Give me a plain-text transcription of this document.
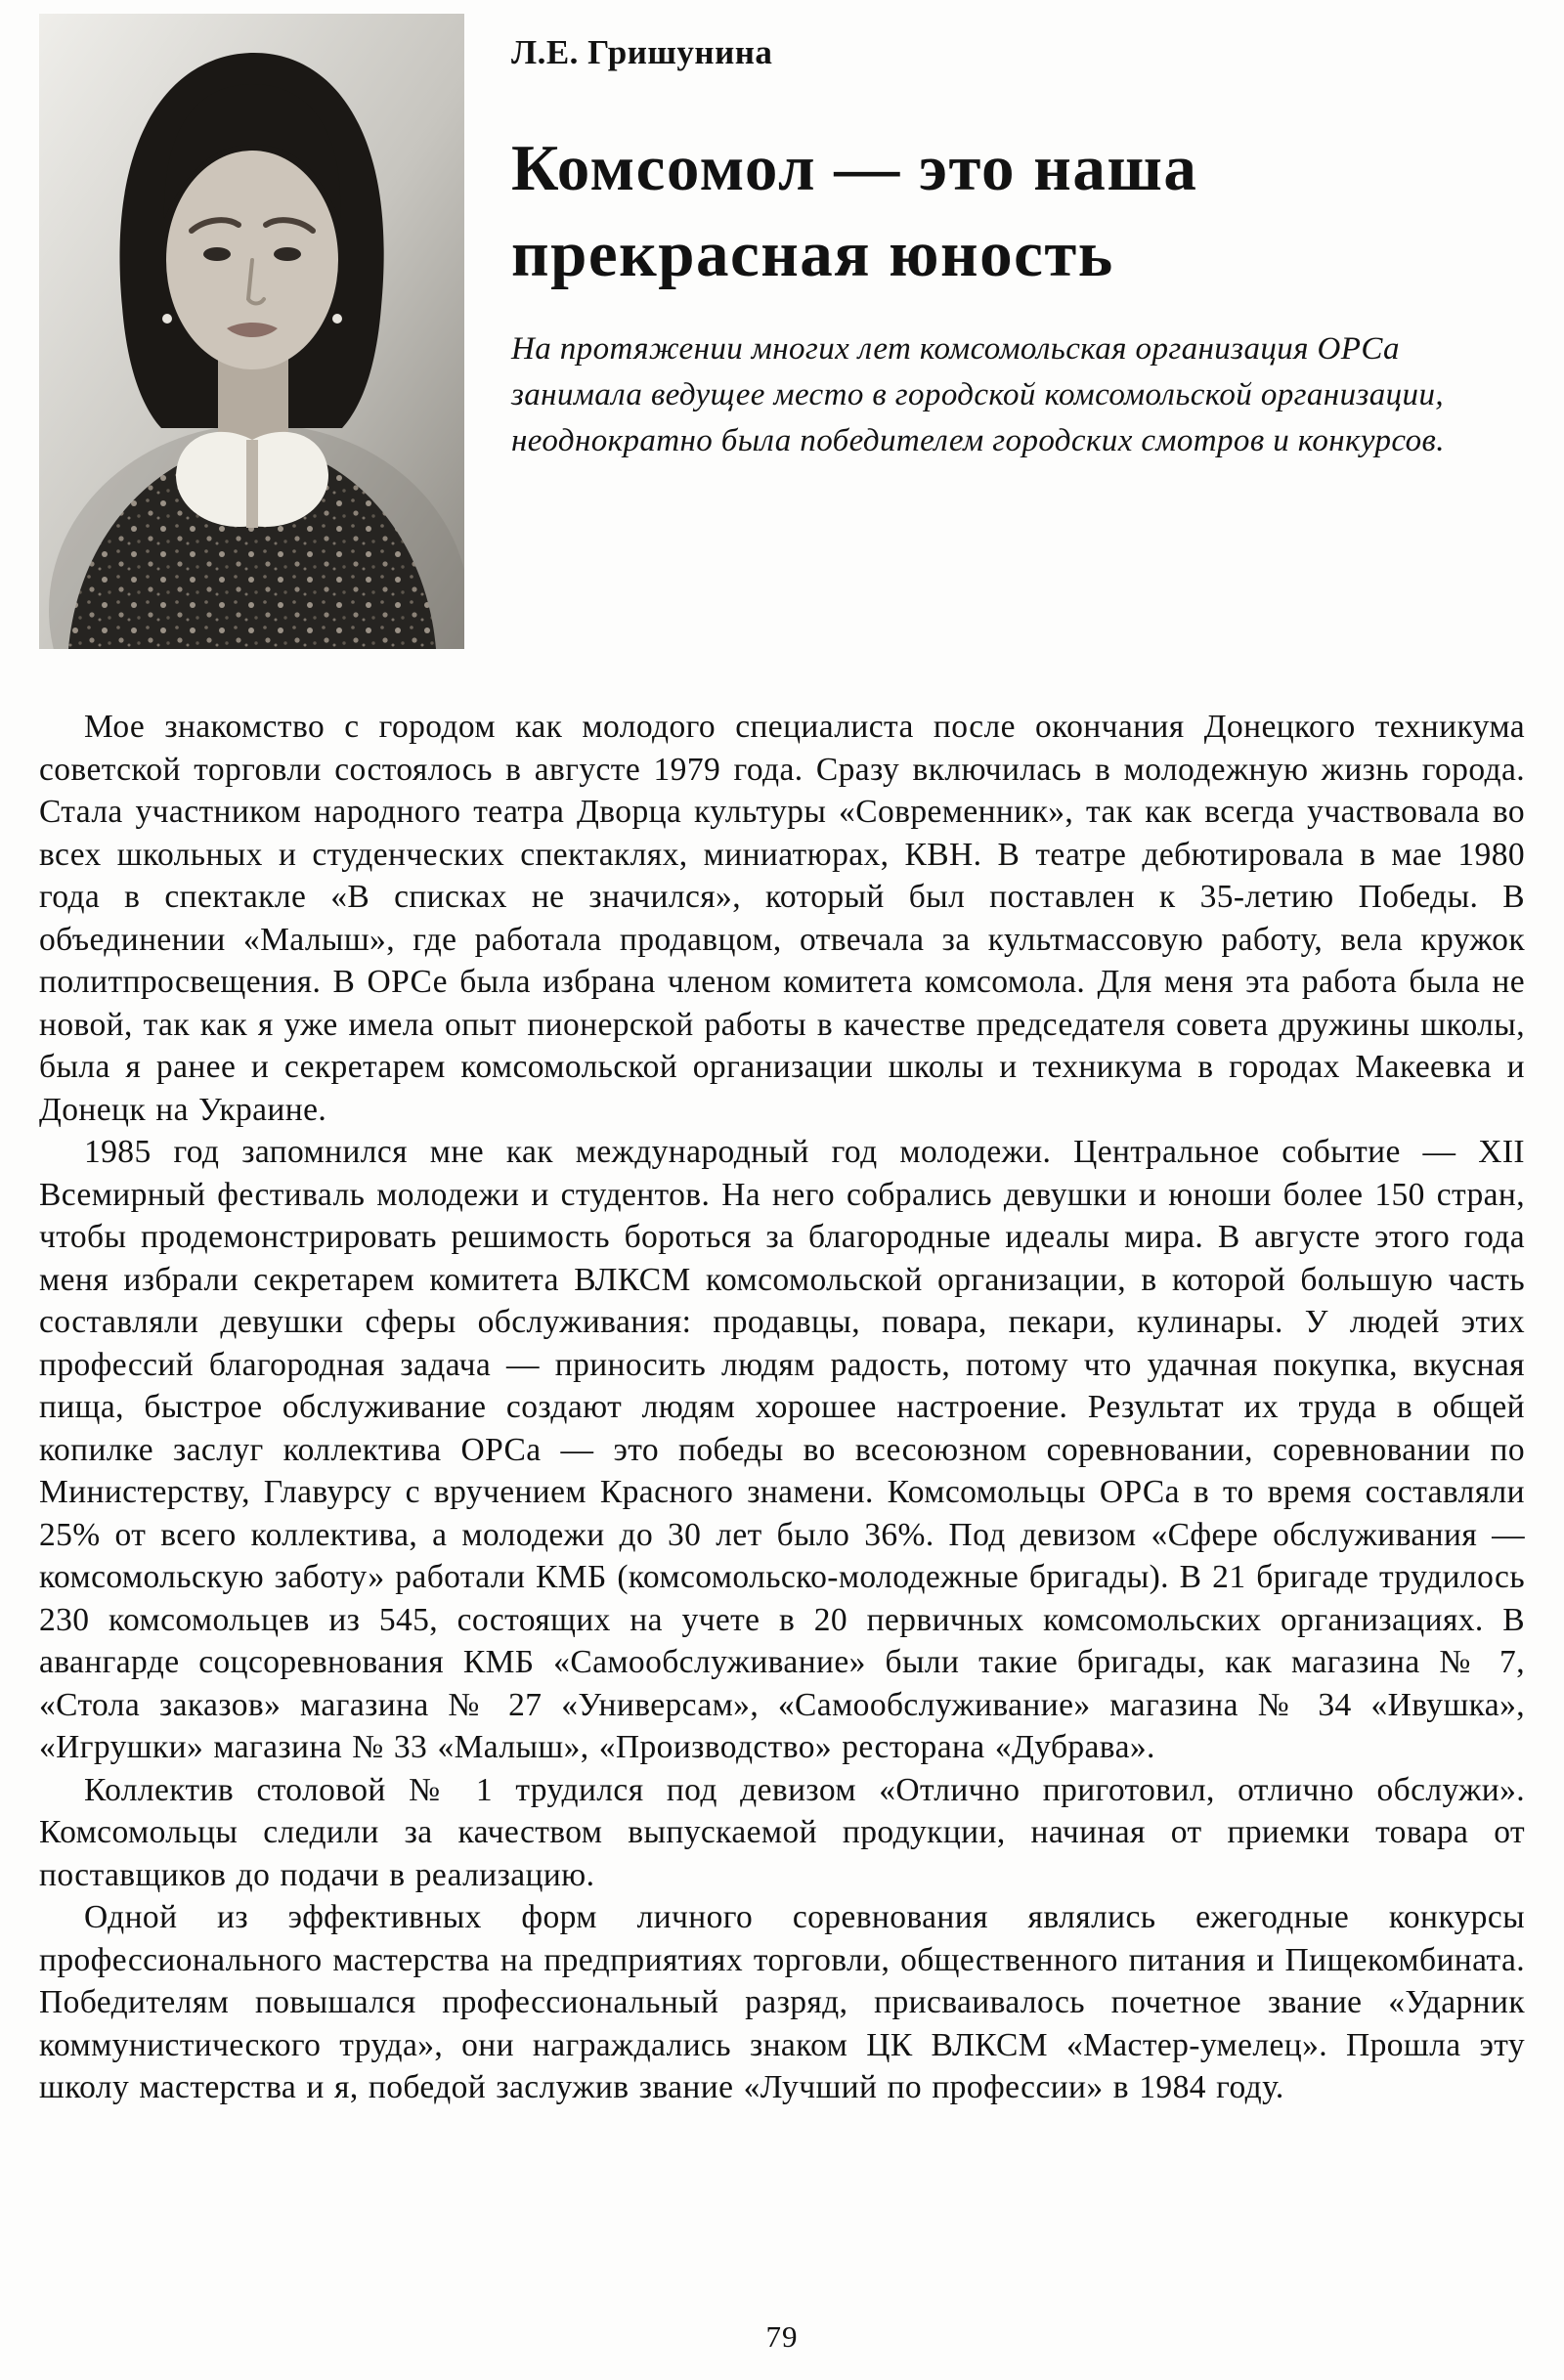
Л.Е. Гришунина
Комсомол — это наша
прекрасная юность

На протяжении многих лет комсомольская организация ОРСа занимала ведущее место в городской комсомольской организации, неоднократно была победителем городских смотров и конкурсов.

Мое знакомство с городом как молодого специалиста после окончания Донецкого техникума советской торговли состоялось в августе 1979 года. Сразу включилась в молодежную жизнь города. Стала участником народного театра Дворца культуры «Современник», так как всегда участвовала во всех школьных и студенческих спектаклях, миниатюрах, КВН. В театре дебютировала в мае 1980 года в спектакле «В списках не значился», который был поставлен к 35-летию Победы. В объединении «Малыш», где работала продавцом, отвечала за культмассовую работу, вела кружок политпросвещения. В ОРСе была избрана членом комитета комсомола. Для меня эта работа была не новой, так как я уже имела опыт пионерской работы в качестве председателя совета дружины школы, была я ранее и секретарем комсомольской организации школы и техникума в городах Макеевка и Донецк на Украине.

1985 год запомнился мне как международный год молодежи. Центральное событие — XII Всемирный фестиваль молодежи и студентов. На него собрались девушки и юноши более 150 стран, чтобы продемонстрировать решимость бороться за благородные идеалы мира. В августе этого года меня избрали секретарем комитета ВЛКСМ комсомольской организации, в которой большую часть составляли девушки сферы обслуживания: продавцы, повара, пекари, кулинары. У людей этих профессий благородная задача — приносить людям радость, потому что удачная покупка, вкусная пища, быстрое обслуживание создают людям хорошее настроение. Результат их труда в общей копилке заслуг коллектива ОРСа — это победы во всесоюзном соревновании, соревновании по Министерству, Главурсу с вручением Красного знамени. Комсомольцы ОРСа в то время составляли 25% от всего коллектива, а молодежи до 30 лет было 36%. Под девизом «Сфере обслуживания — комсомольскую заботу» работали КМБ (комсомольско-молодежные бригады). В 21 бригаде трудилось 230 комсомольцев из 545, состоящих на учете в 20 первичных комсомольских организациях. В авангарде соцсоревнования КМБ «Самообслуживание» были такие бригады, как магазина № 7, «Стола заказов» магазина № 27 «Универсам», «Самообслуживание» магазина № 34 «Ивушка», «Игрушки» магазина № 33 «Малыш», «Производство» ресторана «Дубрава».

Коллектив столовой № 1 трудился под девизом «Отлично приготовил, отлично обслужи». Комсомольцы следили за качеством выпускаемой продукции, начиная от приемки товара от поставщиков до подачи в реализацию.

Одной из эффективных форм личного соревнования являлись ежегодные конкурсы профессионального мастерства на предприятиях торговли, общественного питания и Пищекомбината. Победителям повышался профессиональный разряд, присваивалось почетное звание «Ударник коммунистического труда», они награждались знаком ЦК ВЛКСМ «Мастер-умелец». Прошла эту школу мастерства и я, победой заслужив звание «Лучший по профессии» в 1984 году.

79
